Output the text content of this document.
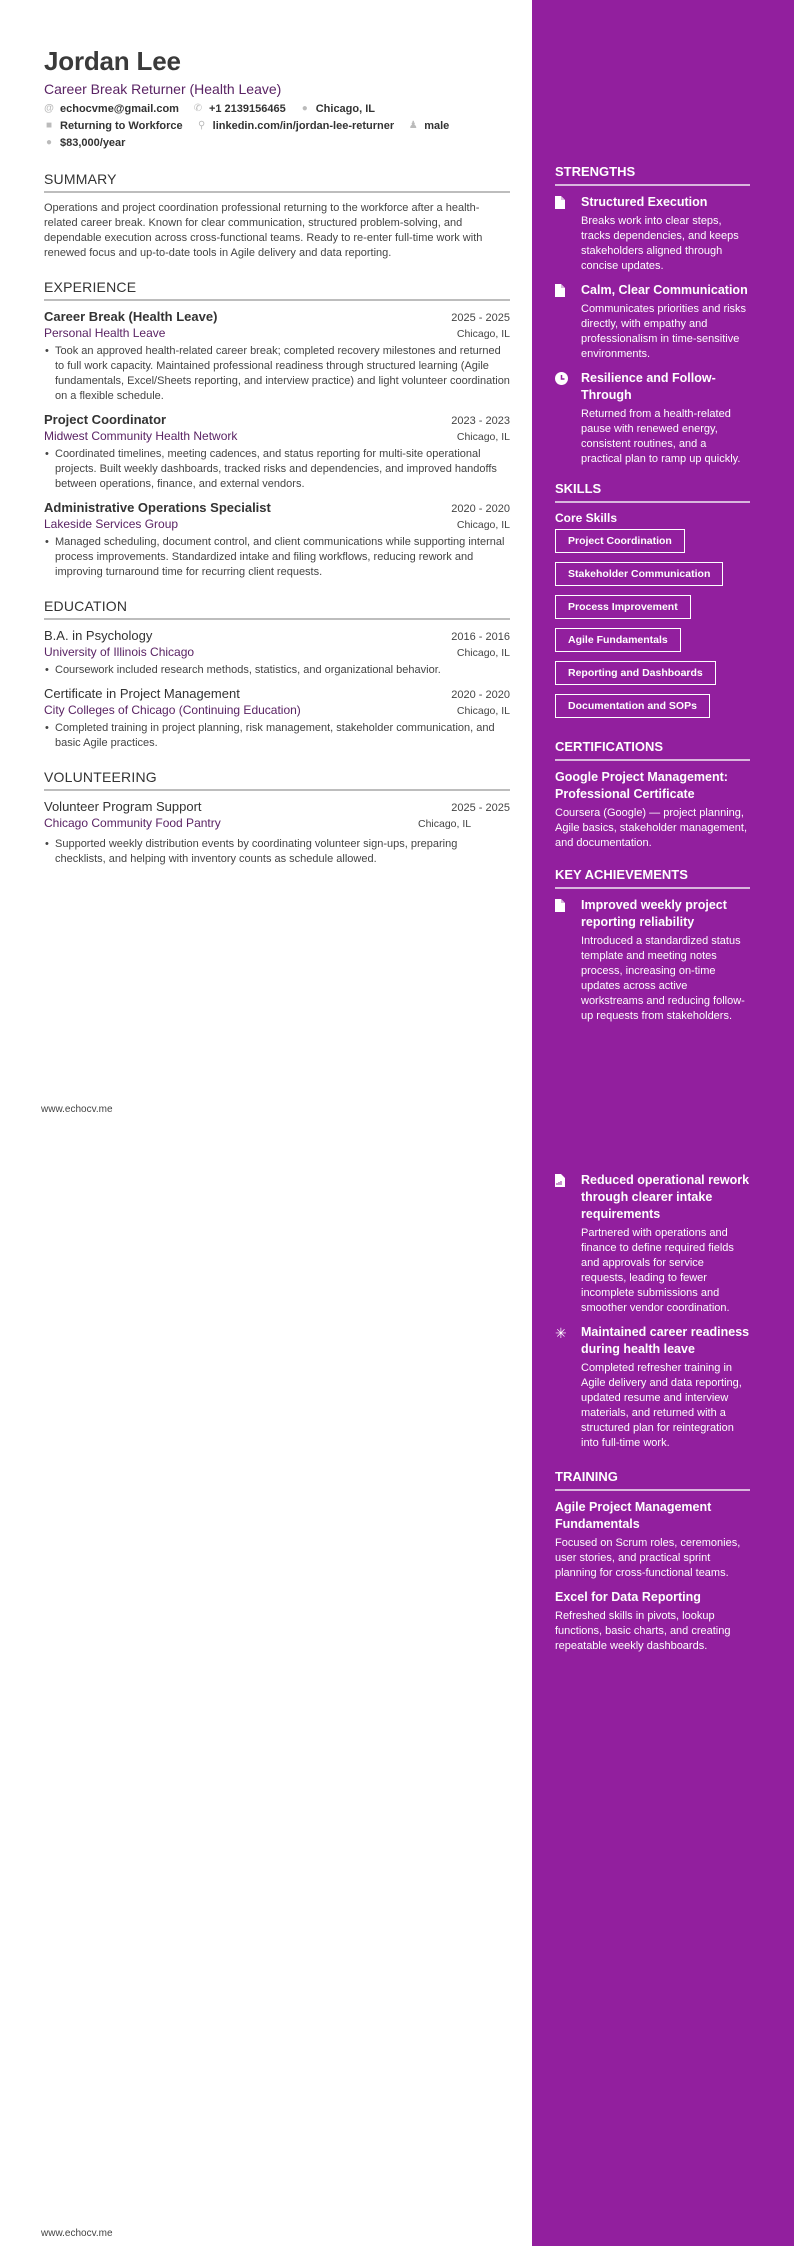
Jordan Lee
Career Break Returner (Health Leave)
@ echocvme@gmail.com ✆ +1 2139156465 ● Chicago, IL
■ Returning to Workforce ⚲ linkedin.com/in/jordan-lee-returner ♟ male
● $83,000/year
SUMMARY
Operations and project coordination professional returning to the workforce after a health-related career break. Known for clear communication, structured problem-solving, and dependable execution across cross-functional teams. Ready to re-enter full-time work with renewed focus and up-to-date tools in Agile delivery and data reporting.
EXPERIENCE
Career Break (Health Leave)	2025 - 2025
Personal Health Leave	Chicago, IL
• Took an approved health-related career break; completed recovery milestones and returned to full work capacity. Maintained professional readiness through structured learning (Agile fundamentals, Excel/Sheets reporting, and interview practice) and light volunteer coordination on a flexible schedule.
Project Coordinator	2023 - 2023
Midwest Community Health Network	Chicago, IL
• Coordinated timelines, meeting cadences, and status reporting for multi-site operational projects. Built weekly dashboards, tracked risks and dependencies, and improved handoffs between operations, finance, and external vendors.
Administrative Operations Specialist	2020 - 2020
Lakeside Services Group	Chicago, IL
• Managed scheduling, document control, and client communications while supporting internal process improvements. Standardized intake and filing workflows, reducing rework and improving turnaround time for recurring client requests.
EDUCATION
B.A. in Psychology	2016 - 2016
University of Illinois Chicago	Chicago, IL
• Coursework included research methods, statistics, and organizational behavior.
Certificate in Project Management	2020 - 2020
City Colleges of Chicago (Continuing Education)	Chicago, IL
• Completed training in project planning, risk management, stakeholder communication, and basic Agile practices.
VOLUNTEERING
Volunteer Program Support	2025 - 2025
Chicago Community Food Pantry	Chicago, IL
• Supported weekly distribution events by coordinating volunteer sign-ups, preparing checklists, and helping with inventory counts as schedule allowed.
STRENGTHS
Structured Execution
Breaks work into clear steps, tracks dependencies, and keeps stakeholders aligned through concise updates.
Calm, Clear Communication
Communicates priorities and risks directly, with empathy and professionalism in time-sensitive environments.
Resilience and Follow-Through
Returned from a health-related pause with renewed energy, consistent routines, and a practical plan to ramp up quickly.
SKILLS
Core Skills
Project Coordination
Stakeholder Communication
Process Improvement
Agile Fundamentals
Reporting and Dashboards
Documentation and SOPs
CERTIFICATIONS
Google Project Management: Professional Certificate
Coursera (Google) — project planning, Agile basics, stakeholder management, and documentation.
KEY ACHIEVEMENTS
Improved weekly project reporting reliability
Introduced a standardized status template and meeting notes process, increasing on-time updates across active workstreams and reducing follow-up requests from stakeholders.
www.echocv.me
Reduced operational rework through clearer intake requirements
Partnered with operations and finance to define required fields and approvals for service requests, leading to fewer incomplete submissions and smoother vendor coordination.
✳ Maintained career readiness during health leave
Completed refresher training in Agile delivery and data reporting, updated resume and interview materials, and returned with a structured plan for reintegration into full-time work.
TRAINING
Agile Project Management Fundamentals
Focused on Scrum roles, ceremonies, user stories, and practical sprint planning for cross-functional teams.
Excel for Data Reporting
Refreshed skills in pivots, lookup functions, basic charts, and creating repeatable weekly dashboards.
www.echocv.me
